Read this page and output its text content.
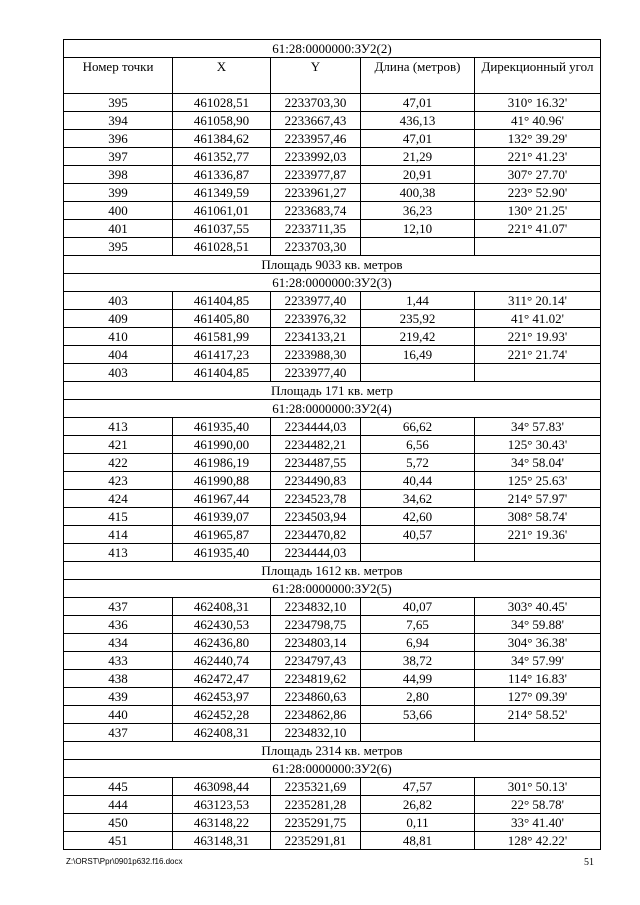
61:28:0000000:ЗУ2(2)				
Номер точки	X	Y	Длина (метров)	Дирекционный угол
395	461028,51	2233703,30	47,01	310° 16.32'
394	461058,90	2233667,43	436,13	41° 40.96'
396	461384,62	2233957,46	47,01	132° 39.29'
397	461352,77	2233992,03	21,29	221° 41.23'
398	461336,87	2233977,87	20,91	307° 27.70'
399	461349,59	2233961,27	400,38	223° 52.90'
400	461061,01	2233683,74	36,23	130° 21.25'
401	461037,55	2233711,35	12,10	221° 41.07'
395	461028,51	2233703,30		
Площадь 9033 кв. метров				
61:28:0000000:ЗУ2(3)				
403	461404,85	2233977,40	1,44	311° 20.14'
409	461405,80	2233976,32	235,92	41° 41.02'
410	461581,99	2234133,21	219,42	221° 19.93'
404	461417,23	2233988,30	16,49	221° 21.74'
403	461404,85	2233977,40		
Площадь 171 кв. метр				
61:28:0000000:ЗУ2(4)				
413	461935,40	2234444,03	66,62	34° 57.83'
421	461990,00	2234482,21	6,56	125° 30.43'
422	461986,19	2234487,55	5,72	34° 58.04'
423	461990,88	2234490,83	40,44	125° 25.63'
424	461967,44	2234523,78	34,62	214° 57.97'
415	461939,07	2234503,94	42,60	308° 58.74'
414	461965,87	2234470,82	40,57	221° 19.36'
413	461935,40	2234444,03		
Площадь 1612 кв. метров				
61:28:0000000:ЗУ2(5)				
437	462408,31	2234832,10	40,07	303° 40.45'
436	462430,53	2234798,75	7,65	34° 59.88'
434	462436,80	2234803,14	6,94	304° 36.38'
433	462440,74	2234797,43	38,72	34° 57.99'
438	462472,47	2234819,62	44,99	114° 16.83'
439	462453,97	2234860,63	2,80	127° 09.39'
440	462452,28	2234862,86	53,66	214° 58.52'
437	462408,31	2234832,10		
Площадь 2314 кв. метров				
61:28:0000000:ЗУ2(6)				
445	463098,44	2235321,69	47,57	301° 50.13'
444	463123,53	2235281,28	26,82	22° 58.78'
450	463148,22	2235291,75	0,11	33° 41.40'
451	463148,31	2235291,81	48,81	128° 42.22'
Z:\ORST\Ppr\0901p632.f16.docx	51
